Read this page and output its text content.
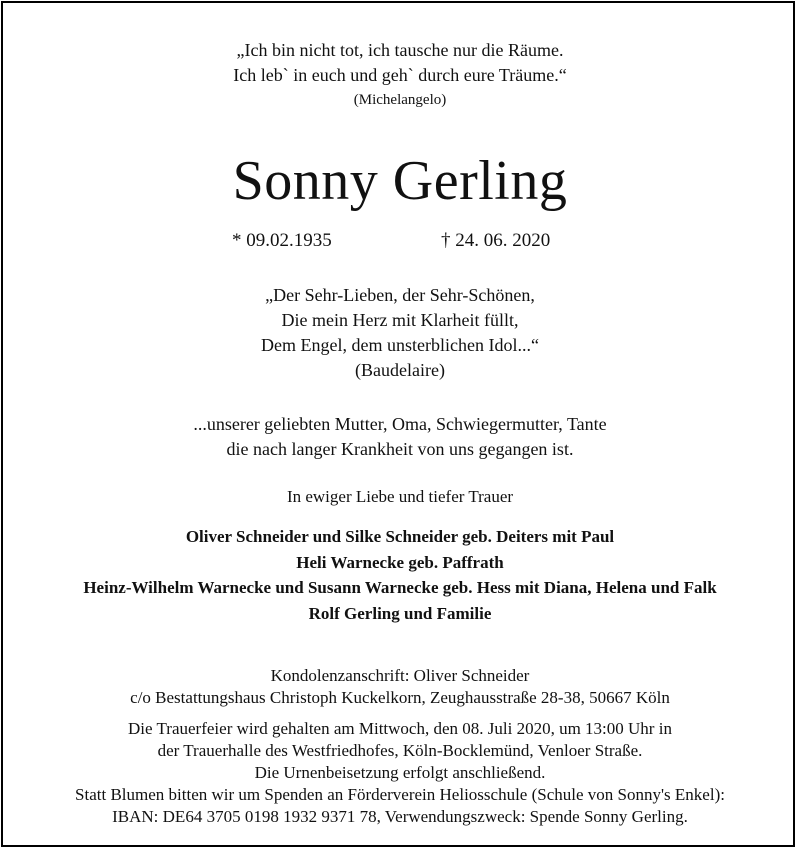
„Ich bin nicht tot, ich tausche nur die Räume.
Ich leb` in euch und geh` durch eure Träume.“
(Michelangelo)
Sonny Gerling
* 09.02.1935	† 24. 06. 2020
„Der Sehr-Lieben, der Sehr-Schönen,
Die mein Herz mit Klarheit füllt,
Dem Engel, dem unsterblichen Idol...“
(Baudelaire)
...unserer geliebten Mutter, Oma, Schwiegermutter, Tante
die nach langer Krankheit von uns gegangen ist.
In ewiger Liebe und tiefer Trauer
Oliver Schneider und Silke Schneider geb. Deiters mit Paul
Heli Warnecke geb. Paffrath
Heinz-Wilhelm Warnecke und Susann Warnecke geb. Hess mit Diana, Helena und Falk
Rolf Gerling und Familie
Kondolenzanschrift: Oliver Schneider
c/o Bestattungshaus Christoph Kuckelkorn, Zeughausstraße 28-38, 50667 Köln
Die Trauerfeier wird gehalten am Mittwoch, den 08. Juli 2020, um 13:00 Uhr in
der Trauerhalle des Westfriedhofes, Köln-Bocklemünd, Venloer Straße.
Die Urnenbeisetzung erfolgt anschließend.
Statt Blumen bitten wir um Spenden an Förderverein Heliosschule (Schule von Sonny's Enkel):
IBAN: DE64 3705 0198 1932 9371 78, Verwendungszweck: Spende Sonny Gerling.
